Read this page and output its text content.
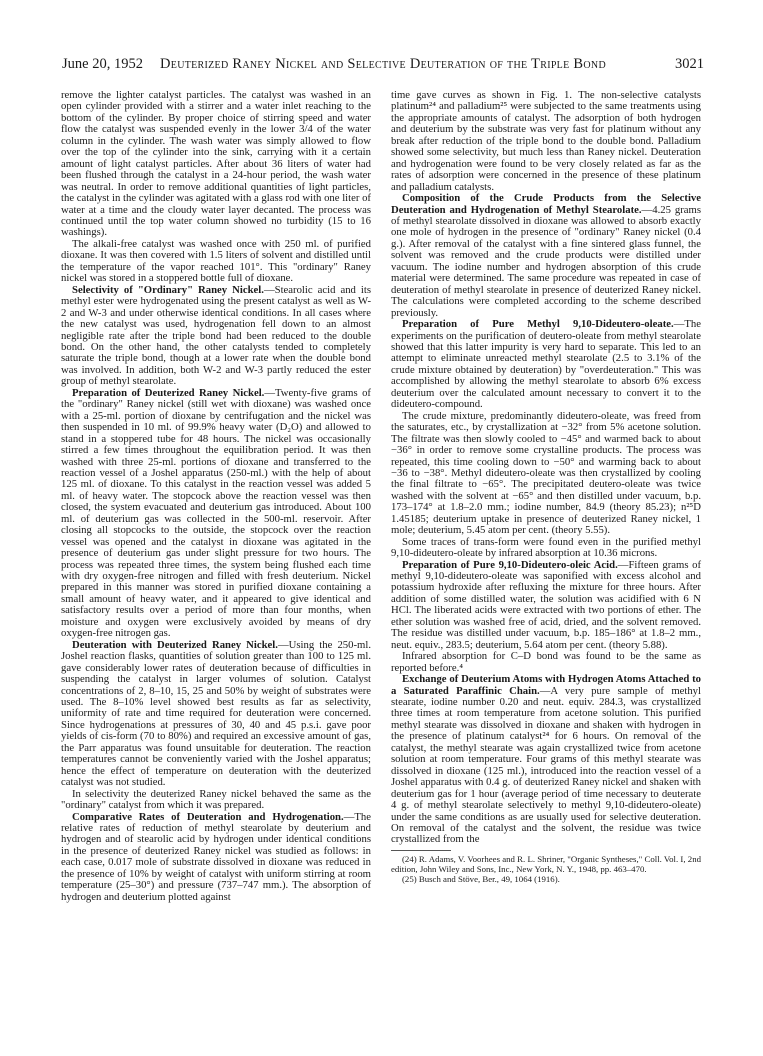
June 20, 1952	Deuterized Raney Nickel and Selective Deuteration of the Triple Bond	3021

remove the lighter catalyst particles. The catalyst was washed in an open cylinder provided with a stirrer and a water inlet reaching to the bottom of the cylinder. By proper choice of stirring speed and water flow the catalyst was suspended evenly in the lower 3/4 of the water column in the cylinder. The wash water was simply allowed to flow over the top of the cylinder into the sink, carrying with it a certain amount of light catalyst particles. After about 36 liters of water had been flushed through the catalyst in a 24-hour period, the wash water was neutral. In order to remove additional quantities of light particles, the catalyst in the cylinder was agitated with a glass rod with one liter of water at a time and the cloudy water layer decanted. The process was continued until the top water column showed no turbidity (15 to 16 washings).

The alkali-free catalyst was washed once with 250 ml. of purified dioxane. It was then covered with 1.5 liters of solvent and distilled until the temperature of the vapor reached 101°. This "ordinary" Raney nickel was stored in a stoppered bottle full of dioxane.

Selectivity of "Ordinary" Raney Nickel.—Stearolic acid and its methyl ester were hydrogenated using the present catalyst as well as W-2 and W-3 and under otherwise identical conditions. In all cases where the new catalyst was used, hydrogenation fell down to an almost negligible rate after the triple bond had been reduced to the double bond. On the other hand, the other catalysts tended to completely saturate the triple bond, though at a lower rate when the double bond was involved. In addition, both W-2 and W-3 partly reduced the ester group of methyl stearolate.

Preparation of Deuterized Raney Nickel.—Twenty-five grams of the "ordinary" Raney nickel (still wet with dioxane) was washed once with a 25-ml. portion of dioxane by centrifugation and the nickel was then suspended in 10 ml. of 99.9% heavy water (D₂O) and allowed to stand in a stoppered tube for 48 hours. The nickel was occasionally stirred a few times throughout the equilibration period. It was then washed with three 25-ml. portions of dioxane and transferred to the reaction vessel of a Joshel apparatus (250-ml.) with the help of about 125 ml. of dioxane. To this catalyst in the reaction vessel was added 5 ml. of heavy water. The stopcock above the reaction vessel was then closed, the system evacuated and deuterium gas introduced. About 100 ml. of deuterium gas was collected in the 500-ml. reservoir. After closing all stopcocks to the outside, the stopcock over the reaction vessel was opened and the catalyst in dioxane was agitated in the presence of deuterium gas under slight pressure for two hours. The process was repeated three times, the system being flushed each time with dry oxygen-free nitrogen and filled with fresh deuterium. Nickel prepared in this manner was stored in purified dioxane containing a small amount of heavy water, and it appeared to give identical and satisfactory results over a period of more than four months, when moisture and oxygen were exclusively avoided by means of dry oxygen-free nitrogen gas.

Deuteration with Deuterized Raney Nickel.—Using the 250-ml. Joshel reaction flasks, quantities of solution greater than 100 to 125 ml. gave considerably lower rates of deuteration because of difficulties in suspending the catalyst in larger volumes of solution. Catalyst concentrations of 2, 8–10, 15, 25 and 50% by weight of substrates were used. The 8–10% level showed best results as far as selectivity, uniformity of rate and time required for deuteration were concerned. Since hydrogenations at pressures of 30, 40 and 45 p.s.i. gave poor yields of cis-form (70 to 80%) and required an excessive amount of gas, the Parr apparatus was found unsuitable for deuteration. The reaction temperatures cannot be conveniently varied with the Joshel apparatus; hence the effect of temperature on deuteration with the deuterized catalyst was not studied.

In selectivity the deuterized Raney nickel behaved the same as the "ordinary" catalyst from which it was prepared.

Comparative Rates of Deuteration and Hydrogenation.—The relative rates of reduction of methyl stearolate by deuterium and hydrogen and of stearolic acid by hydrogen under identical conditions in the presence of deuterized Raney nickel was studied as follows: in each case, 0.017 mole of substrate dissolved in dioxane was reduced in the presence of 10% by weight of catalyst with uniform stirring at room temperature (25–30°) and pressure (737–747 mm.). The absorption of hydrogen and deuterium plotted against

time gave curves as shown in Fig. 1. The non-selective catalysts platinum²⁴ and palladium²⁵ were subjected to the same treatments using the appropriate amounts of catalyst. The adsorption of both hydrogen and deuterium by the substrate was very fast for platinum without any break after reduction of the triple bond to the double bond. Palladium showed some selectivity, but much less than Raney nickel. Deuteration and hydrogenation were found to be very closely related as far as the rates of adsorption were concerned in the presence of these platinum and palladium catalysts.

Composition of the Crude Products from the Selective Deuteration and Hydrogenation of Methyl Stearolate.—4.25 grams of methyl stearolate dissolved in dioxane was allowed to absorb exactly one mole of hydrogen in the presence of "ordinary" Raney nickel (0.4 g.). After removal of the catalyst with a fine sintered glass funnel, the solvent was removed and the crude products were distilled under vacuum. The iodine number and hydrogen absorption of this crude material were determined. The same procedure was repeated in case of deuteration of methyl stearolate in presence of deuterized Raney nickel. The calculations were completed according to the scheme described previously.

Preparation of Pure Methyl 9,10-Dideutero-oleate.—The experiments on the purification of deutero-oleate from methyl stearolate showed that this latter impurity is very hard to separate. This led to an attempt to eliminate unreacted methyl stearolate (2.5 to 3.1% of the crude mixture obtained by deuteration) by "overdeuteration." This was accomplished by allowing the methyl stearolate to absorb 6% excess deuterium over the calculated amount necessary to convert it to the dideutero-compound.

The crude mixture, predominantly dideutero-oleate, was freed from the saturates, etc., by crystallization at −32° from 5% acetone solution. The filtrate was then slowly cooled to −45° and warmed back to about −36° in order to remove some crystalline products. The process was repeated, this time cooling down to −50° and warming back to about −36 to −38°. Methyl dideutero-oleate was then crystallized by cooling the final filtrate to −65°. The precipitated deutero-oleate was twice washed with the solvent at −65° and then distilled under vacuum, b.p. 173–174° at 1.8–2.0 mm.; iodine number, 84.9 (theory 85.23); n²⁵D 1.45185; deuterium uptake in presence of deuterized Raney nickel, 1 mole; deuterium, 5.45 atom per cent. (theory 5.55).

Some traces of trans-form were found even in the purified methyl 9,10-dideutero-oleate by infrared absorption at 10.36 microns.

Preparation of Pure 9,10-Dideutero-oleic Acid.—Fifteen grams of methyl 9,10-dideutero-oleate was saponified with excess alcohol and potassium hydroxide after refluxing the mixture for three hours. After addition of some distilled water, the solution was acidified with 6 N HCl. The liberated acids were extracted with two portions of ether. The ether solution was washed free of acid, dried, and the solvent removed. The residue was distilled under vacuum, b.p. 185–186° at 1.8–2 mm., neut. equiv., 283.5; deuterium, 5.64 atom per cent. (theory 5.88).

Infrared absorption for C–D bond was found to be the same as reported before.⁴

Exchange of Deuterium Atoms with Hydrogen Atoms Attached to a Saturated Paraffinic Chain.—A very pure sample of methyl stearate, iodine number 0.20 and neut. equiv. 284.3, was crystallized three times at room temperature from acetone solution. This purified methyl stearate was dissolved in dioxane and shaken with hydrogen in the presence of platinum catalyst²⁴ for 6 hours. On removal of the catalyst, the methyl stearate was again crystallized twice from acetone solution at room temperature. Four grams of this methyl stearate was dissolved in dioxane (125 ml.), introduced into the reaction vessel of a Joshel apparatus with 0.4 g. of deuterized Raney nickel and shaken with deuterium gas for 1 hour (average period of time necessary to deuterate 4 g. of methyl stearolate selectively to methyl 9,10-dideutero-oleate) under the same conditions as are usually used for selective deuteration. On removal of the catalyst and the solvent, the residue was twice crystallized from the

(24) R. Adams, V. Voorhees and R. L. Shriner, "Organic Syntheses," Coll. Vol. I, 2nd edition, John Wiley and Sons, Inc., New York, N. Y., 1948, pp. 463–470.

(25) Busch and Stöve, Ber., 49, 1064 (1916).
